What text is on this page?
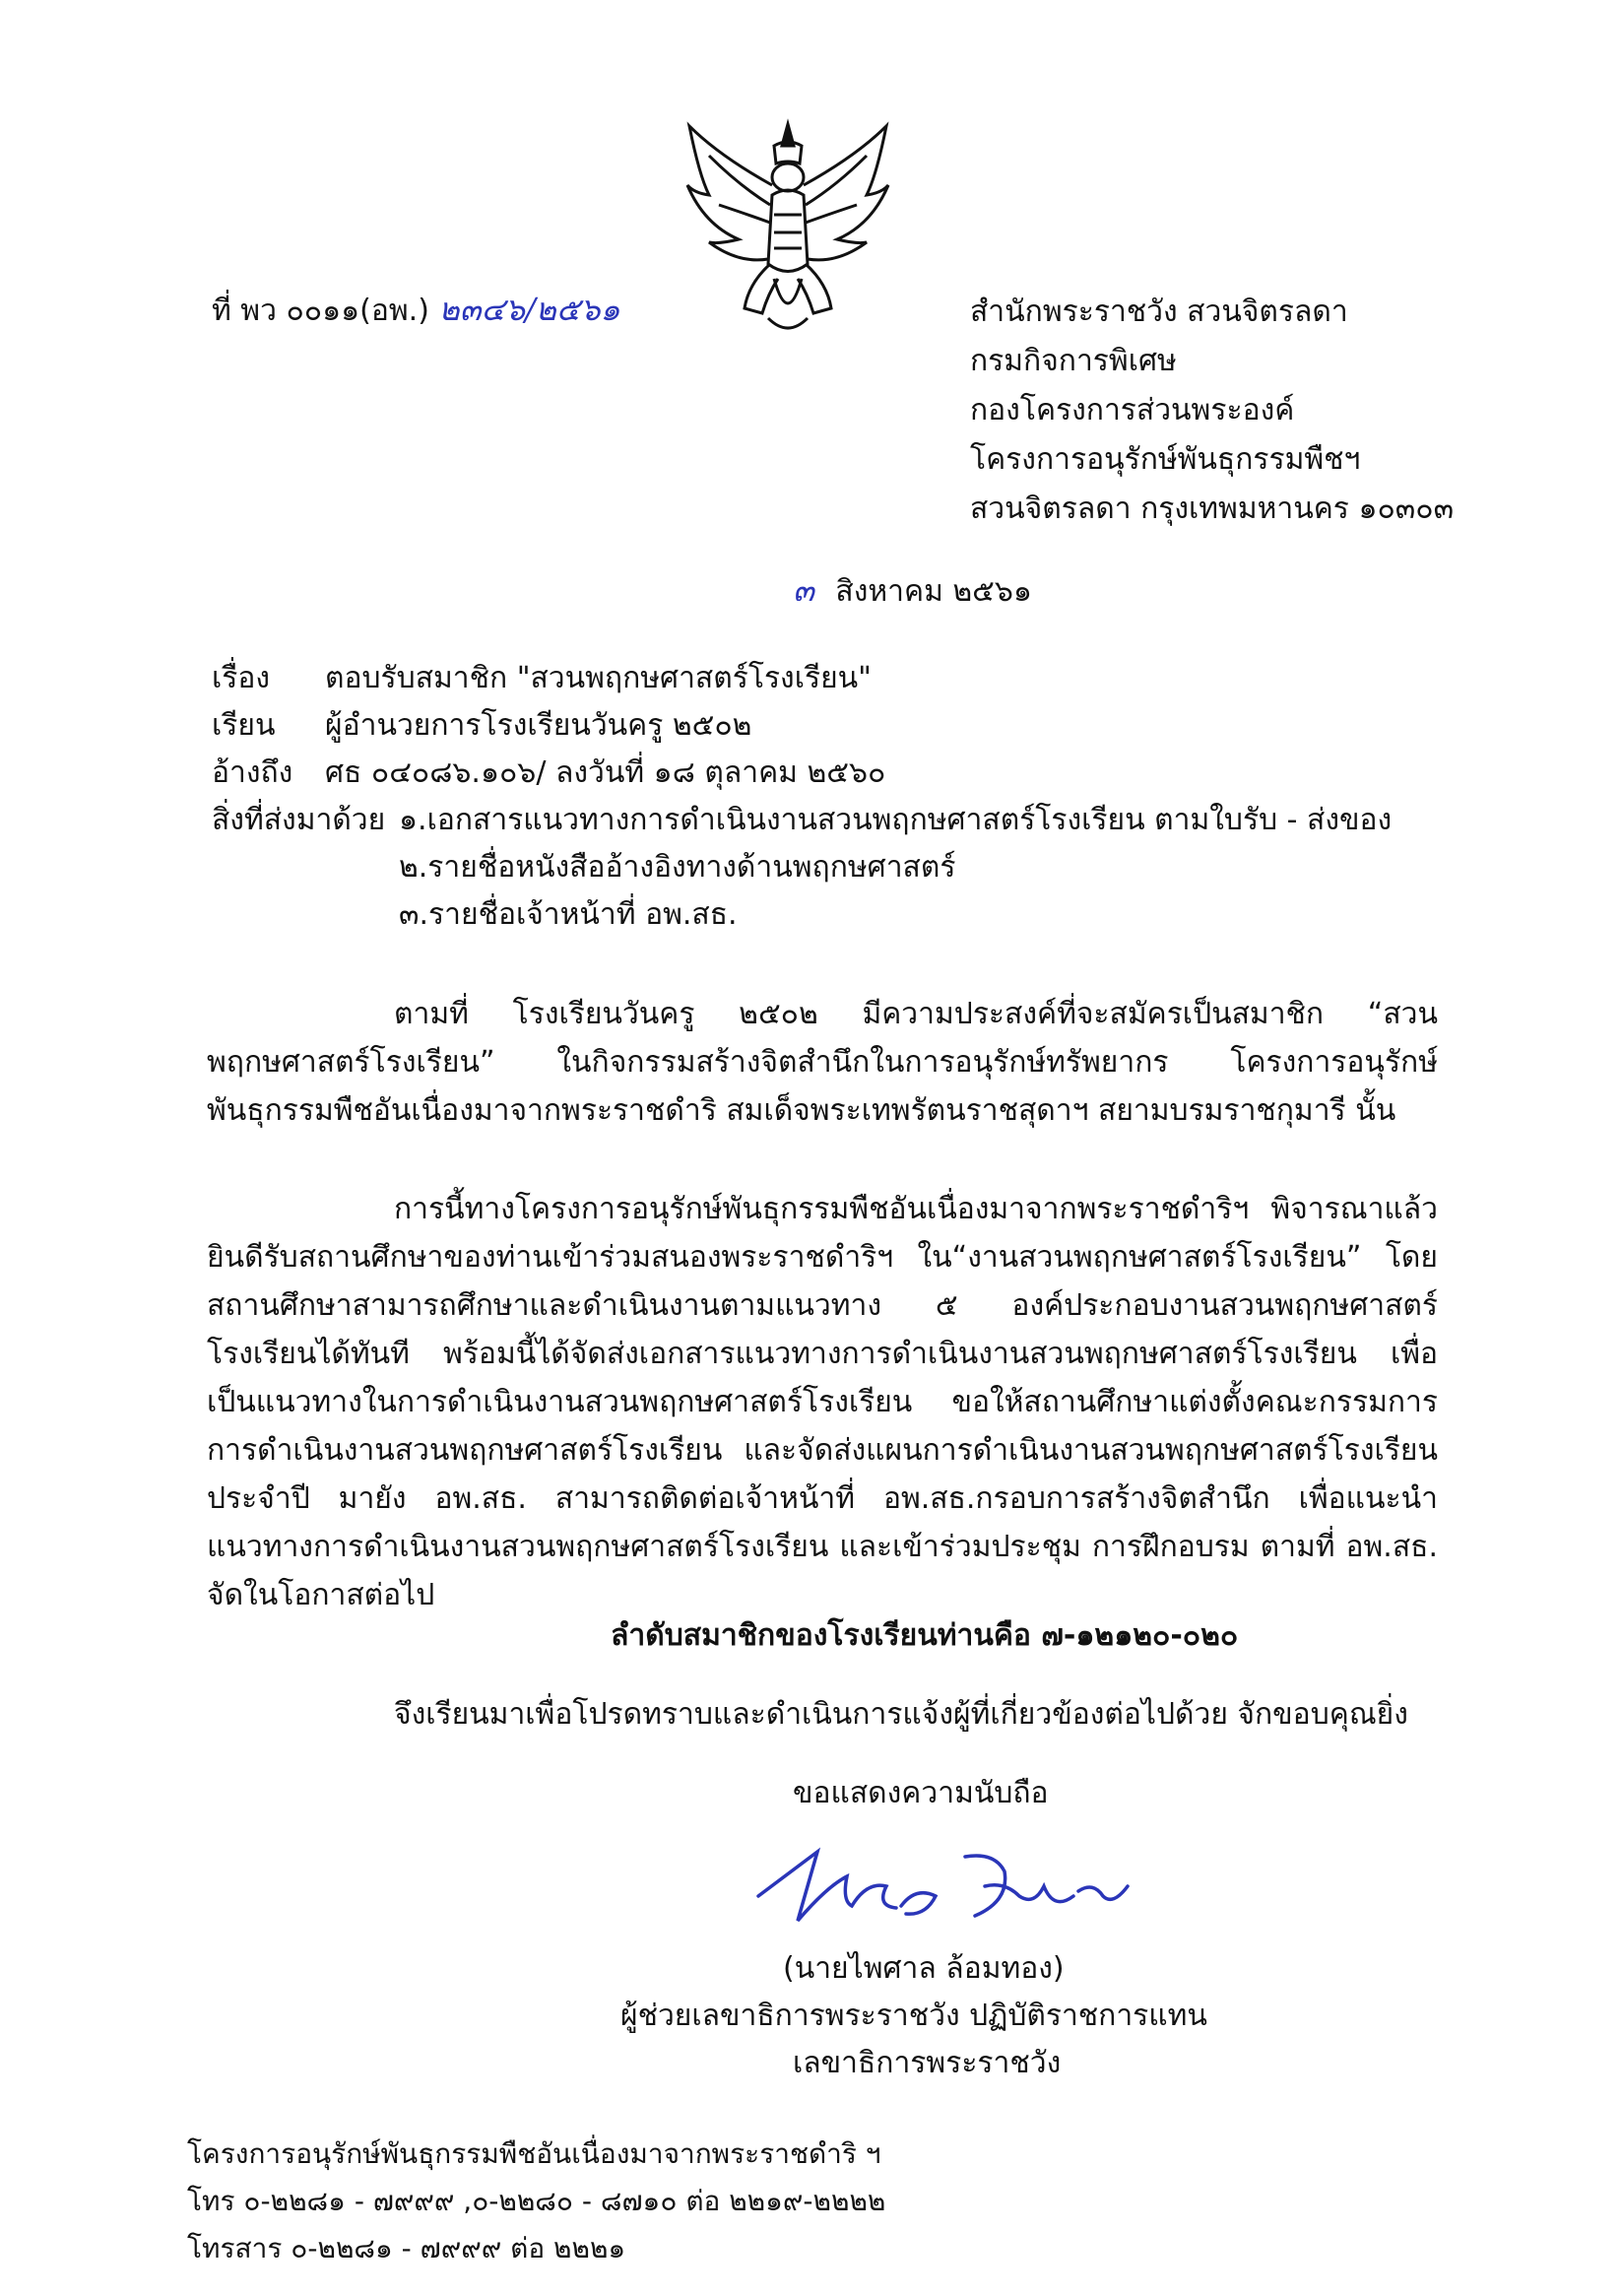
ที่ พว ๐๐๑๑(อพ.) ๒๓๔๖/๒๕๖๑	สำนักพระราชวัง สวนจิตรลดา
กรมกิจการพิเศษ
กองโครงการส่วนพระองค์
โครงการอนุรักษ์พันธุกรรมพืชฯ
สวนจิตรลดา กรุงเทพมหานคร ๑๐๓๐๓
๓ สิงหาคม ๒๕๖๑
เรื่อง ตอบรับสมาชิก "สวนพฤกษศาสตร์โรงเรียน"
เรียน ผู้อำนวยการโรงเรียนวันครู ๒๕๐๒
อ้างถึง ศธ ๐๔๐๘๖.๑๐๖/ ลงวันที่ ๑๘ ตุลาคม ๒๕๖๐
สิ่งที่ส่งมาด้วย ๑.เอกสารแนวทางการดำเนินงานสวนพฤกษศาสตร์โรงเรียน ตามใบรับ - ส่งของ
๒.รายชื่อหนังสืออ้างอิงทางด้านพฤกษศาสตร์
๓.รายชื่อเจ้าหน้าที่ อพ.สธ.

ตามที่ โรงเรียนวันครู ๒๕๐๒ มีความประสงค์ที่จะสมัครเป็นสมาชิก “สวนพฤกษศาสตร์โรงเรียน” ในกิจกรรมสร้างจิตสำนึกในการอนุรักษ์ทรัพยากร โครงการอนุรักษ์พันธุกรรมพืชอันเนื่องมาจากพระราชดำริ สมเด็จพระเทพรัตนราชสุดาฯ สยามบรมราชกุมารี นั้น

การนี้ทางโครงการอนุรักษ์พันธุกรรมพืชอันเนื่องมาจากพระราชดำริฯ พิจารณาแล้ว ยินดีรับสถานศึกษาของท่านเข้าร่วมสนองพระราชดำริฯ ใน“งานสวนพฤกษศาสตร์โรงเรียน” โดยสถานศึกษาสามารถศึกษาและดำเนินงานตามแนวทาง ๕ องค์ประกอบงานสวนพฤกษศาสตร์โรงเรียนได้ทันที พร้อมนี้ได้จัดส่งเอกสารแนวทางการดำเนินงานสวนพฤกษศาสตร์โรงเรียน เพื่อเป็นแนวทางในการดำเนินงานสวนพฤกษศาสตร์โรงเรียน ขอให้สถานศึกษาแต่งตั้งคณะกรรมการการดำเนินงานสวนพฤกษศาสตร์โรงเรียน และจัดส่งแผนการดำเนินงานสวนพฤกษศาสตร์โรงเรียนประจำปี มายัง อพ.สธ. สามารถติดต่อเจ้าหน้าที่ อพ.สธ.กรอบการสร้างจิตสำนึก เพื่อแนะนำแนวทางการดำเนินงานสวนพฤกษศาสตร์โรงเรียน และเข้าร่วมประชุม การฝึกอบรม ตามที่ อพ.สธ. จัดในโอกาสต่อไป

ลำดับสมาชิกของโรงเรียนท่านคือ ๗-๑๒๑๒๐-๐๒๐
จึงเรียนมาเพื่อโปรดทราบและดำเนินการแจ้งผู้ที่เกี่ยวข้องต่อไปด้วย จักขอบคุณยิ่ง
ขอแสดงความนับถือ
(นายไพศาล ล้อมทอง)
ผู้ช่วยเลขาธิการพระราชวัง ปฏิบัติราชการแทน
เลขาธิการพระราชวัง
โครงการอนุรักษ์พันธุกรรมพืชอันเนื่องมาจากพระราชดำริ ฯ
โทร ๐-๒๒๘๑ - ๗๙๙๙ ,๐-๒๒๘๐ - ๘๗๑๐ ต่อ ๒๒๑๙-๒๒๒๒
โทรสาร ๐-๒๒๘๑ - ๗๙๙๙ ต่อ ๒๒๒๑
